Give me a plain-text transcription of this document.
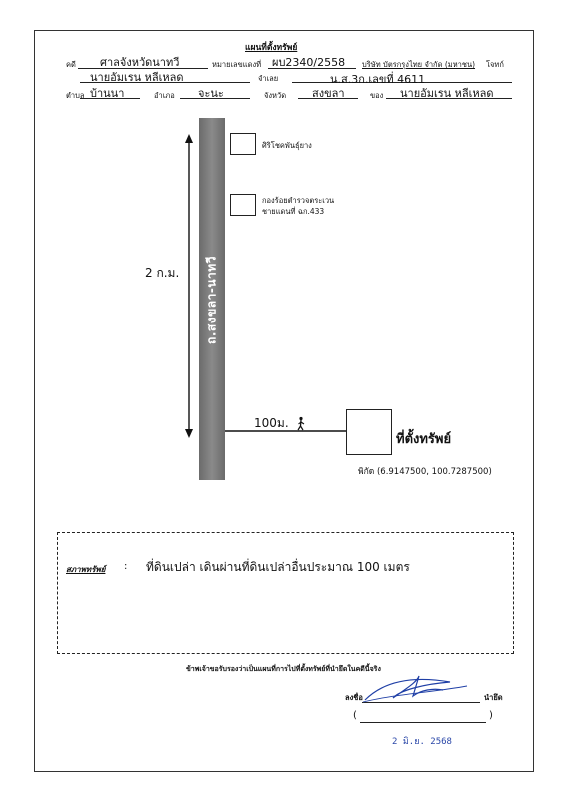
แผนที่ตั้งทรัพย์
คดี ศาลจังหวัดนาทวี	หมายเลขแดงที่ ผบ2340/2558 บริษัท บัตรกรุงไทย จำกัด (มหาชน) โจทก์
นายอัมเรน หลีเหลด	จำเลย	น.ส.3ก.เลขที่ 4611
ตำบล บ้านนา	อำเภอ จะนะ	จังหวัด สงขลา	ของ นายอัมเรน หลีเหลด
ถ.สงขลา-นาทวี
2 ก.ม.
ศิริโชคพันธุ์ยาง
กองร้อยตำรวจตระเวน
ชายแดนที่ ฉก.433
100ม.
ที่ตั้งทรัพย์
พิกัด (6.9147500, 100.7287500)
สภาพทรัพย์ : ที่ดินเปล่า เดินผ่านที่ดินเปล่าอื่นประมาณ 100 เมตร
ข้าพเจ้าขอรับรองว่าเป็นแผนที่การไปที่ตั้งทรัพย์ที่นำยึดในคดีนี้จริง
ลงชื่อ	นำยึด
(	)
2 มิ.ย. 2568
